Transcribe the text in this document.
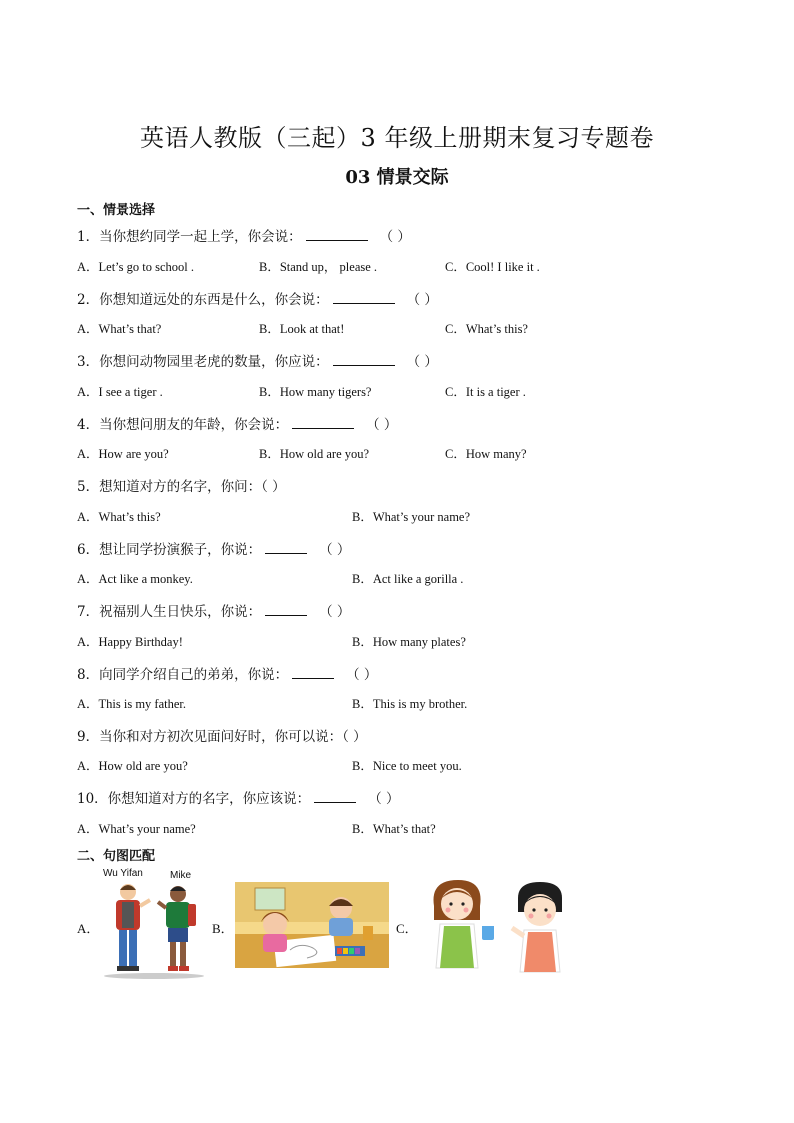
英语人教版（三起）3 年级上册期末复习专题卷
03 情景交际
一、情景选择
1．当你想约同学一起上学，你会说：	（ ）
A．Let’s go to school .	B．Stand up， please .	C．Cool! I like it .
2．你想知道远处的东西是什么，你会说：	（ ）
A．What’s that?	B．Look at that!	C．What’s this?
3．你想问动物园里老虎的数量，你应说：	（ ）
A．I see a tiger .	B．How many tigers?	C．It is a tiger .
4．当你想问朋友的年龄，你会说：	（ ）
A．How are you?	B．How old are you?	C．How many?
5．想知道对方的名字，你问：（ ）
A．What’s this?	B．What’s your name?
6．想让同学扮演猴子，你说：	（ ）
A．Act like a monkey.	B．Act like a gorilla .
7．祝福别人生日快乐，你说：	（ ）
A．Happy Birthday!	B．How many plates?
8．向同学介绍自己的弟弟，你说：	（ ）
A．This is my father.	B．This is my brother.
9．当你和对方初次见面问好时，你可以说：（ ）
A．How old are you?	B．Nice to meet you.
10．你想知道对方的名字，你应该说：	（ ）
A．What’s your name?	B．What’s that?
二、句图匹配
A．	B．	C．
Wu Yifan	Mike
